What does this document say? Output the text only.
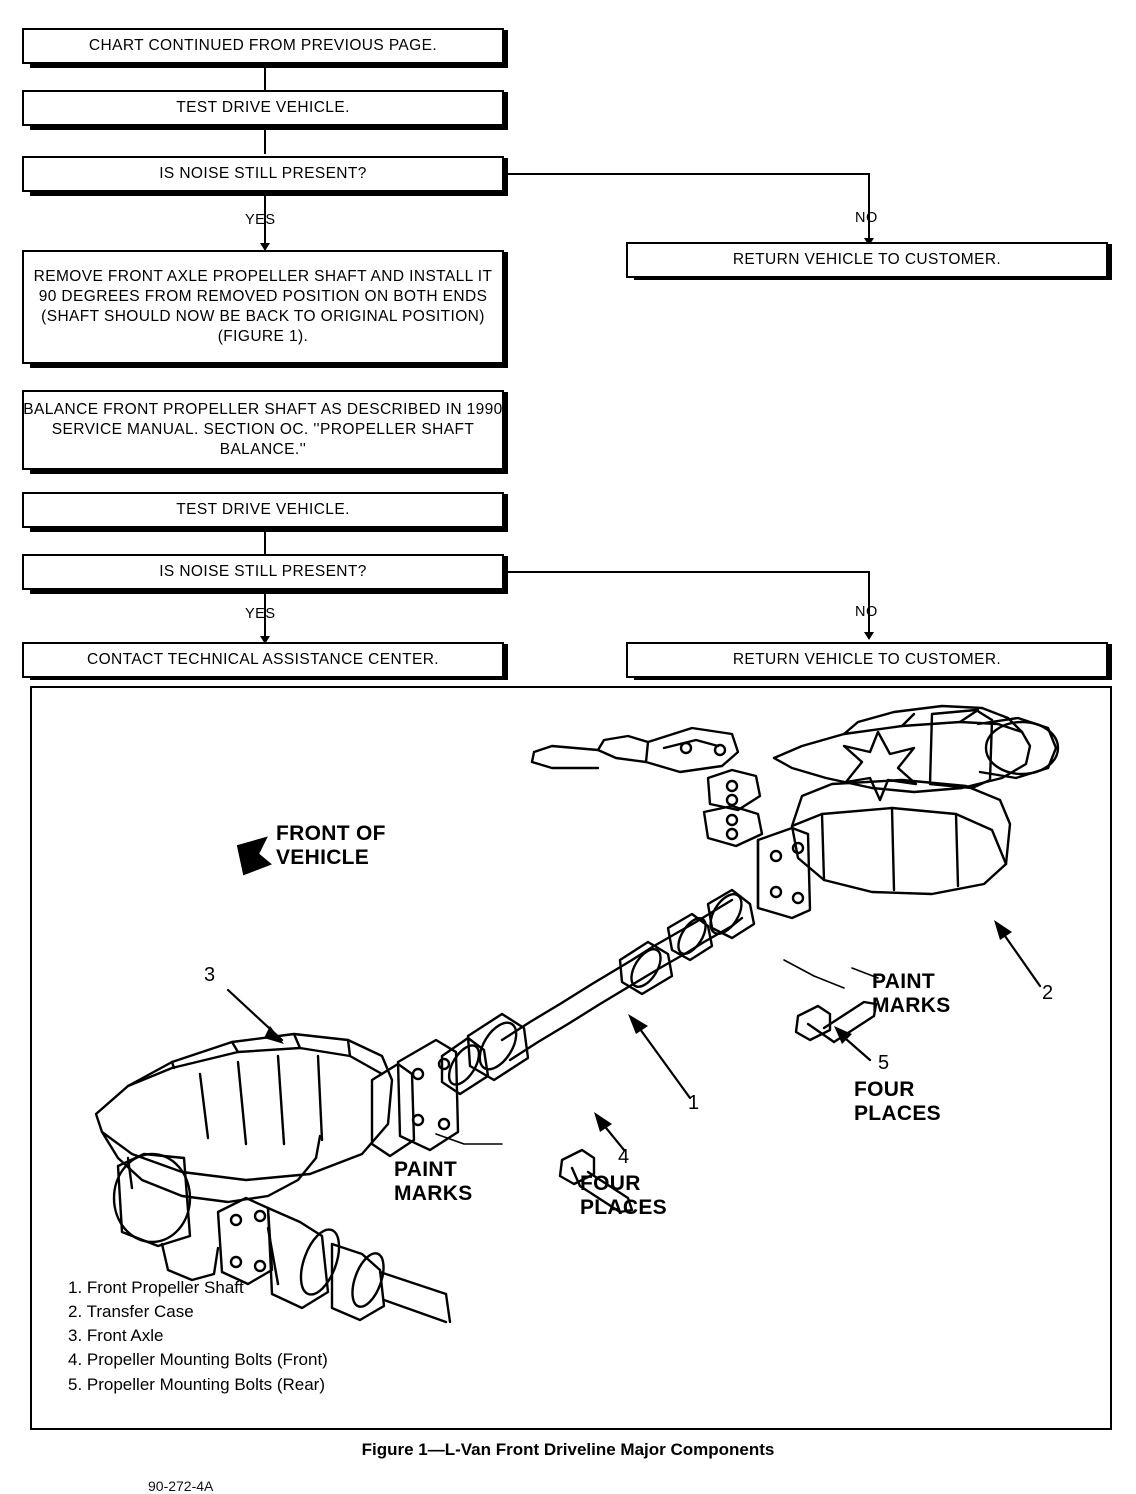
CHART CONTINUED FROM PREVIOUS PAGE.
TEST DRIVE VEHICLE.
IS NOISE STILL PRESENT?
NO
YES
RETURN VEHICLE TO CUSTOMER.
REMOVE FRONT AXLE PROPELLER SHAFT AND INSTALL IT
90 DEGREES FROM REMOVED POSITION ON BOTH ENDS
(SHAFT SHOULD NOW BE BACK TO ORIGINAL POSITION)
(FIGURE 1).
BALANCE FRONT PROPELLER SHAFT AS DESCRIBED IN 1990
SERVICE MANUAL. SECTION OC. ''PROPELLER SHAFT
BALANCE.''
TEST DRIVE VEHICLE.
IS NOISE STILL PRESENT?
NO
YES
CONTACT TECHNICAL ASSISTANCE CENTER.	RETURN VEHICLE TO CUSTOMER.
FRONT OF
VEHICLE
3
2
1
4
5
PAINT
MARKS
PAINT
MARKS
FOUR
PLACES
FOUR
PLACES
1. Front Propeller Shaft
2. Transfer Case
3. Front Axle
4. Propeller Mounting Bolts (Front)
5. Propeller Mounting Bolts (Rear)
Figure 1—L-Van Front Driveline Major Components
90-272-4A
